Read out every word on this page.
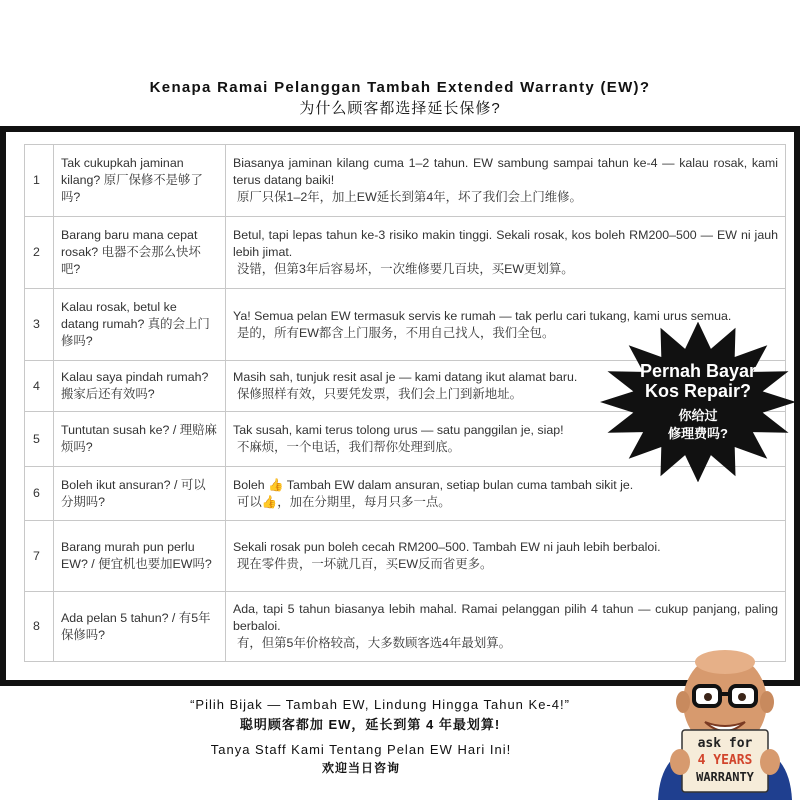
Kenapa Ramai Pelanggan Tambah Extended Warranty (EW)?
为什么顾客都选择延长保修?
1	Tak cukupkah jaminan kilang? 原厂保修不是够了吗?	Biasanya jaminan kilang cuma 1–2 tahun. EW sambung sampai tahun ke-4 — kalau rosak, kami terus datang baiki!
原厂只保1–2年，加上EW延长到第4年，坏了我们会上门维修。

2	Barang baru mana cepat rosak? 电器不会那么快坏吧?	Betul, tapi lepas tahun ke-3 risiko makin tinggi. Sekali rosak, kos boleh RM200–500 — EW ni jauh lebih jimat.
没错，但第3年后容易坏，一次维修要几百块，买EW更划算。

3	Kalau rosak, betul ke datang rumah? 真的会上门修吗?	Ya! Semua pelan EW termasuk servis ke rumah — tak perlu cari tukang, kami urus semua.
是的，所有EW都含上门服务，不用自己找人，我们全包。

4	Kalau saya pindah rumah? 搬家后还有效吗?	Masih sah, tunjuk resit asal je — kami datang ikut alamat baru.
保修照样有效，只要凭发票，我们会上门到新地址。

5	Tuntutan susah ke? / 理赔麻烦吗?	Tak susah, kami terus tolong urus — satu panggilan je, siap!
不麻烦，一个电话，我们帮你处理到底。

6	Boleh ikut ansuran? / 可以分期吗?	Boleh 👍 Tambah EW dalam ansuran, setiap bulan cuma tambah sikit je.
可以👍，加在分期里，每月只多一点。

7	Barang murah pun perlu EW? / 便宜机也要加EW吗?	Sekali rosak pun boleh cecah RM200–500. Tambah EW ni jauh lebih berbaloi.
现在零件贵，一坏就几百，买EW反而省更多。

8	Ada pelan 5 tahun? / 有5年保修吗?	Ada, tapi 5 tahun biasanya lebih mahal. Ramai pelanggan pilih 4 tahun — cukup panjang, paling berbaloi.
有，但第5年价格较高，大多数顾客选4年最划算。
Pernah Bayar
Kos Repair?
你给过
修理费吗?
“Pilih Bijak — Tambah EW, Lindung Hingga Tahun Ke-4!”
聪明顾客都加 EW，延长到第 4 年最划算!
Tanya Staff Kami Tentang Pelan EW Hari Ini!
欢迎当日咨询
ask for
4 YEARS
WARRANTY
